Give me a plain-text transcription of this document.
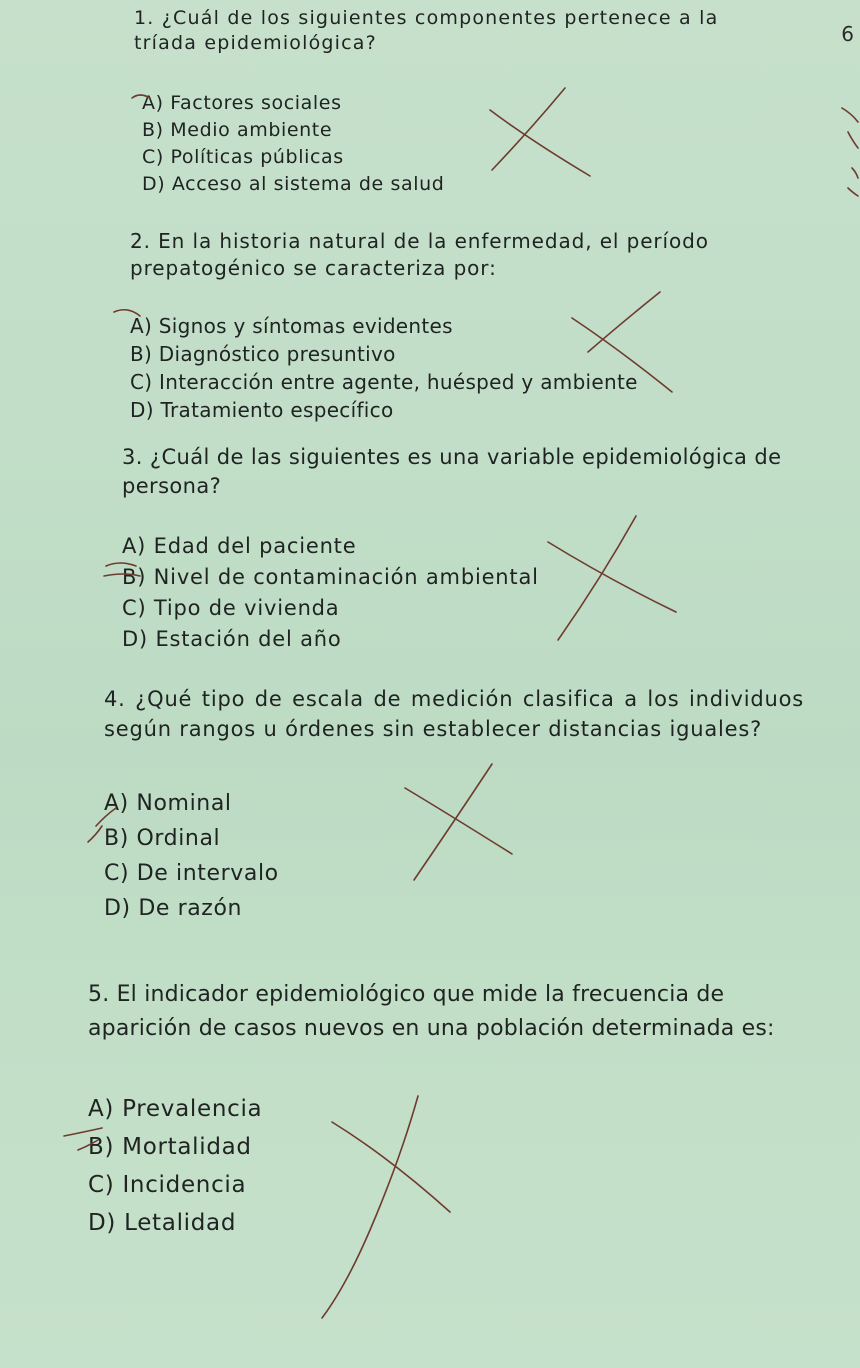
6

1. ¿Cuál de los siguientes componentes pertenece a la tríada epidemiológica?

A) Factores sociales
B) Medio ambiente
C) Políticas públicas
D) Acceso al sistema de salud

2. En la historia natural de la enfermedad, el período prepatogénico se caracteriza por:

A) Signos y síntomas evidentes
B) Diagnóstico presuntivo
C) Interacción entre agente, huésped y ambiente
D) Tratamiento específico

3. ¿Cuál de las siguientes es una variable epidemiológica de persona?

A) Edad del paciente
B) Nivel de contaminación ambiental
C) Tipo de vivienda
D) Estación del año

4. ¿Qué tipo de escala de medición clasifica a los individuos según rangos u órdenes sin establecer distancias iguales?

A) Nominal
B) Ordinal
C) De intervalo
D) De razón

5. El indicador epidemiológico que mide la frecuencia de aparición de casos nuevos en una población determinada es:

A) Prevalencia
B) Mortalidad
C) Incidencia
D) Letalidad
